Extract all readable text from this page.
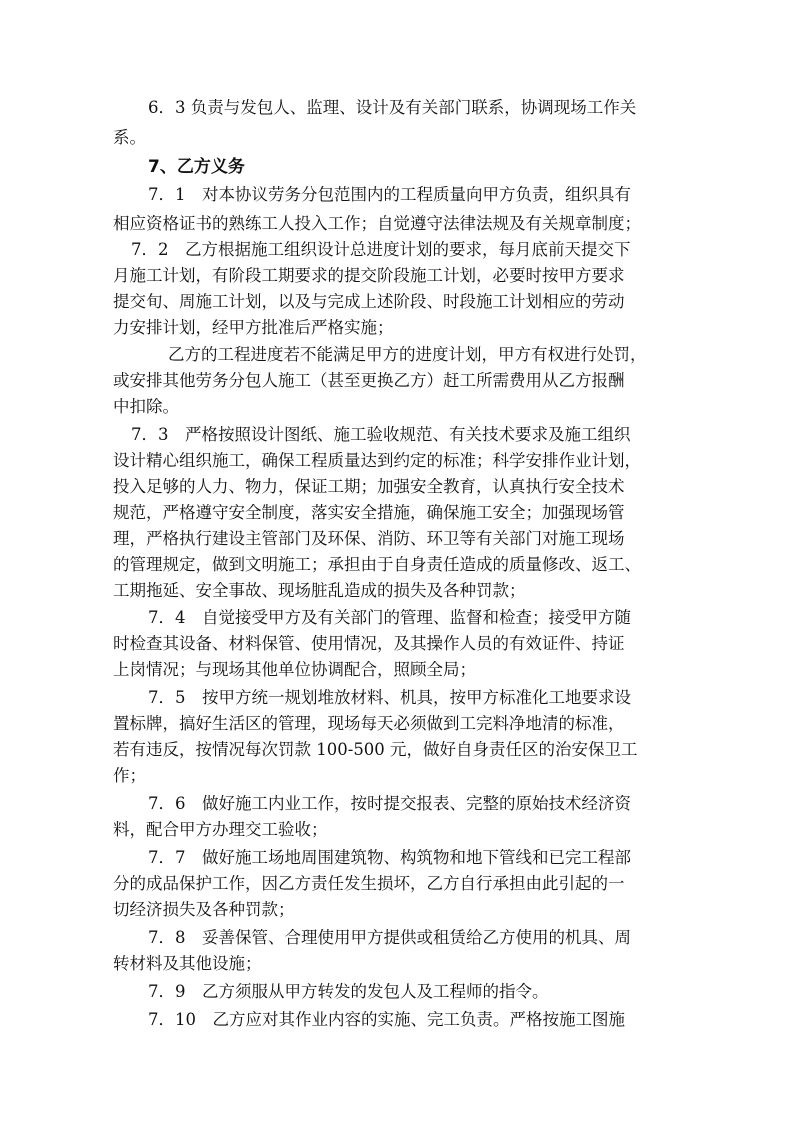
6．3 负责与发包人、监理、设计及有关部门联系，协调现场工作关
系。
7、乙方义务
7．1　对本协议劳务分包范围内的工程质量向甲方负责，组织具有
相应资格证书的熟练工人投入工作；自觉遵守法律法规及有关规章制度；
7．2　乙方根据施工组织设计总进度计划的要求，每月底前天提交下
月施工计划，有阶段工期要求的提交阶段施工计划，必要时按甲方要求
提交旬、周施工计划，以及与完成上述阶段、时段施工计划相应的劳动
力安排计划，经甲方批准后严格实施；
乙方的工程进度若不能满足甲方的进度计划，甲方有权进行处罚，
或安排其他劳务分包人施工（甚至更换乙方）赶工所需费用从乙方报酬
中扣除。
7．3　严格按照设计图纸、施工验收规范、有关技术要求及施工组织
设计精心组织施工，确保工程质量达到约定的标准；科学安排作业计划，
投入足够的人力、物力，保证工期；加强安全教育，认真执行安全技术
规范，严格遵守安全制度，落实安全措施，确保施工安全；加强现场管
理，严格执行建设主管部门及环保、消防、环卫等有关部门对施工现场
的管理规定，做到文明施工；承担由于自身责任造成的质量修改、返工、
工期拖延、安全事故、现场脏乱造成的损失及各种罚款；
7．4　自觉接受甲方及有关部门的管理、监督和检查；接受甲方随
时检查其设备、材料保管、使用情况，及其操作人员的有效证件、持证
上岗情况；与现场其他单位协调配合，照顾全局；
7．5　按甲方统一规划堆放材料、机具，按甲方标准化工地要求设
置标牌，搞好生活区的管理，现场每天必须做到工完料净地清的标准，
若有违反，按情况每次罚款 100-500 元，做好自身责任区的治安保卫工
作；
7．6　做好施工内业工作，按时提交报表、完整的原始技术经济资
料，配合甲方办理交工验收；
7．7　做好施工场地周围建筑物、构筑物和地下管线和已完工程部
分的成品保护工作，因乙方责任发生损坏，乙方自行承担由此引起的一
切经济损失及各种罚款；
7．8　妥善保管、合理使用甲方提供或租赁给乙方使用的机具、周
转材料及其他设施；
7．9　乙方须服从甲方转发的发包人及工程师的指令。
7．10　乙方应对其作业内容的实施、完工负责。严格按施工图施
